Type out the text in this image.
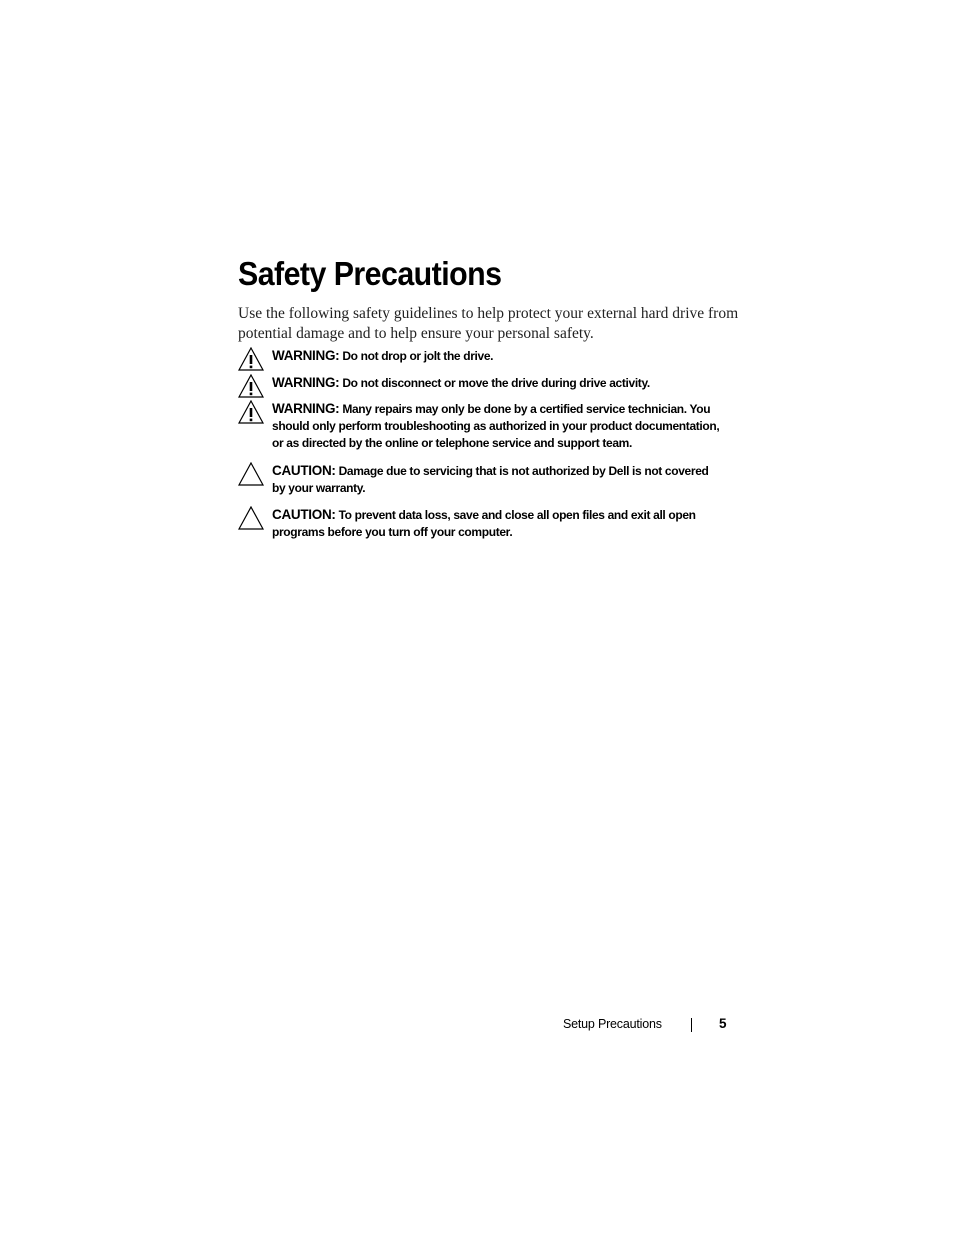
Safety Precautions

Use the following safety guidelines to help protect your external hard drive from potential damage and to help ensure your personal safety.

WARNING: Do not drop or jolt the drive.

WARNING: Do not disconnect or move the drive during drive activity.

WARNING: Many repairs may only be done by a certified service technician. You
should only perform troubleshooting as authorized in your product documentation,
or as directed by the online or telephone service and support team.

CAUTION: Damage due to servicing that is not authorized by Dell is not covered
by your warranty.

CAUTION: To prevent data loss, save and close all open files and exit all open
programs before you turn off your computer.

Setup Precautions	5
